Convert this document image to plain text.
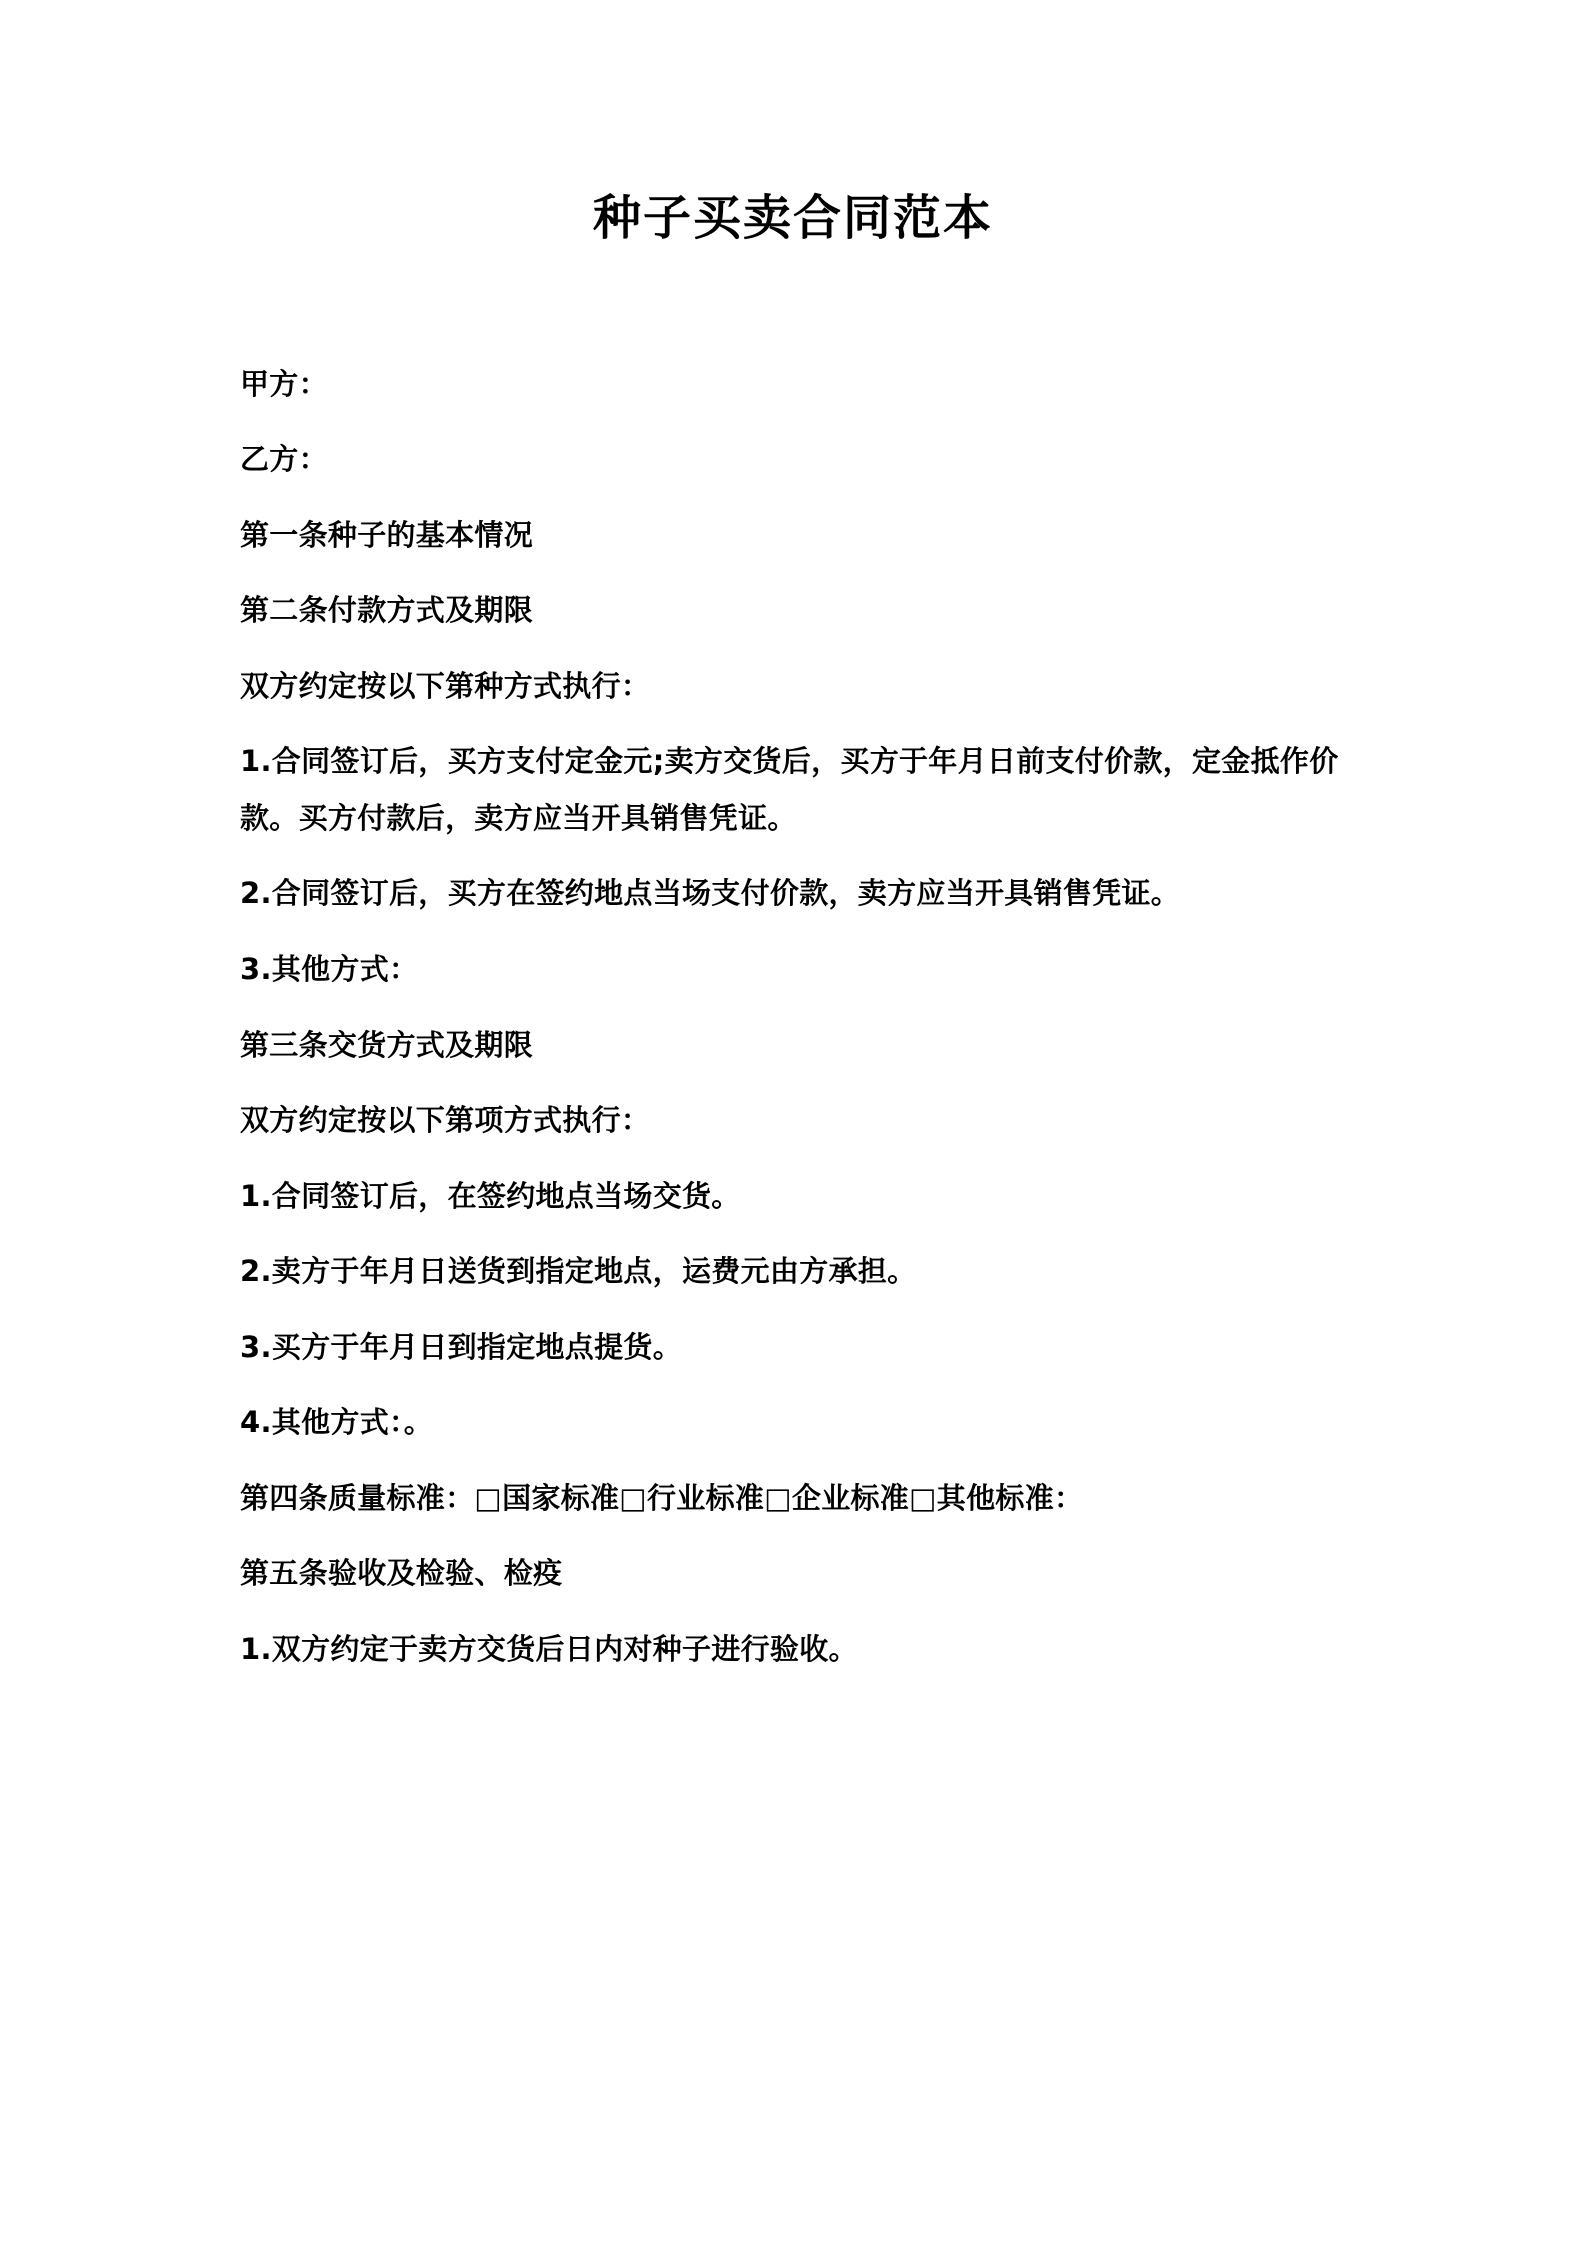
种子买卖合同范本

甲方：

乙方：

第一条种子的基本情况

第二条付款方式及期限

双方约定按以下第种方式执行：

1.合同签订后，买方支付定金元;卖方交货后，买方于年月日前支付价款，定金抵作价款。买方付款后，卖方应当开具销售凭证。

2.合同签订后，买方在签约地点当场支付价款，卖方应当开具销售凭证。

3.其他方式：

第三条交货方式及期限

双方约定按以下第项方式执行：

1.合同签订后，在签约地点当场交货。

2.卖方于年月日送货到指定地点，运费元由方承担。

3.买方于年月日到指定地点提货。

4.其他方式：。

第四条质量标准：□国家标准□行业标准□企业标准□其他标准：

第五条验收及检验、检疫

1.双方约定于卖方交货后日内对种子进行验收。
